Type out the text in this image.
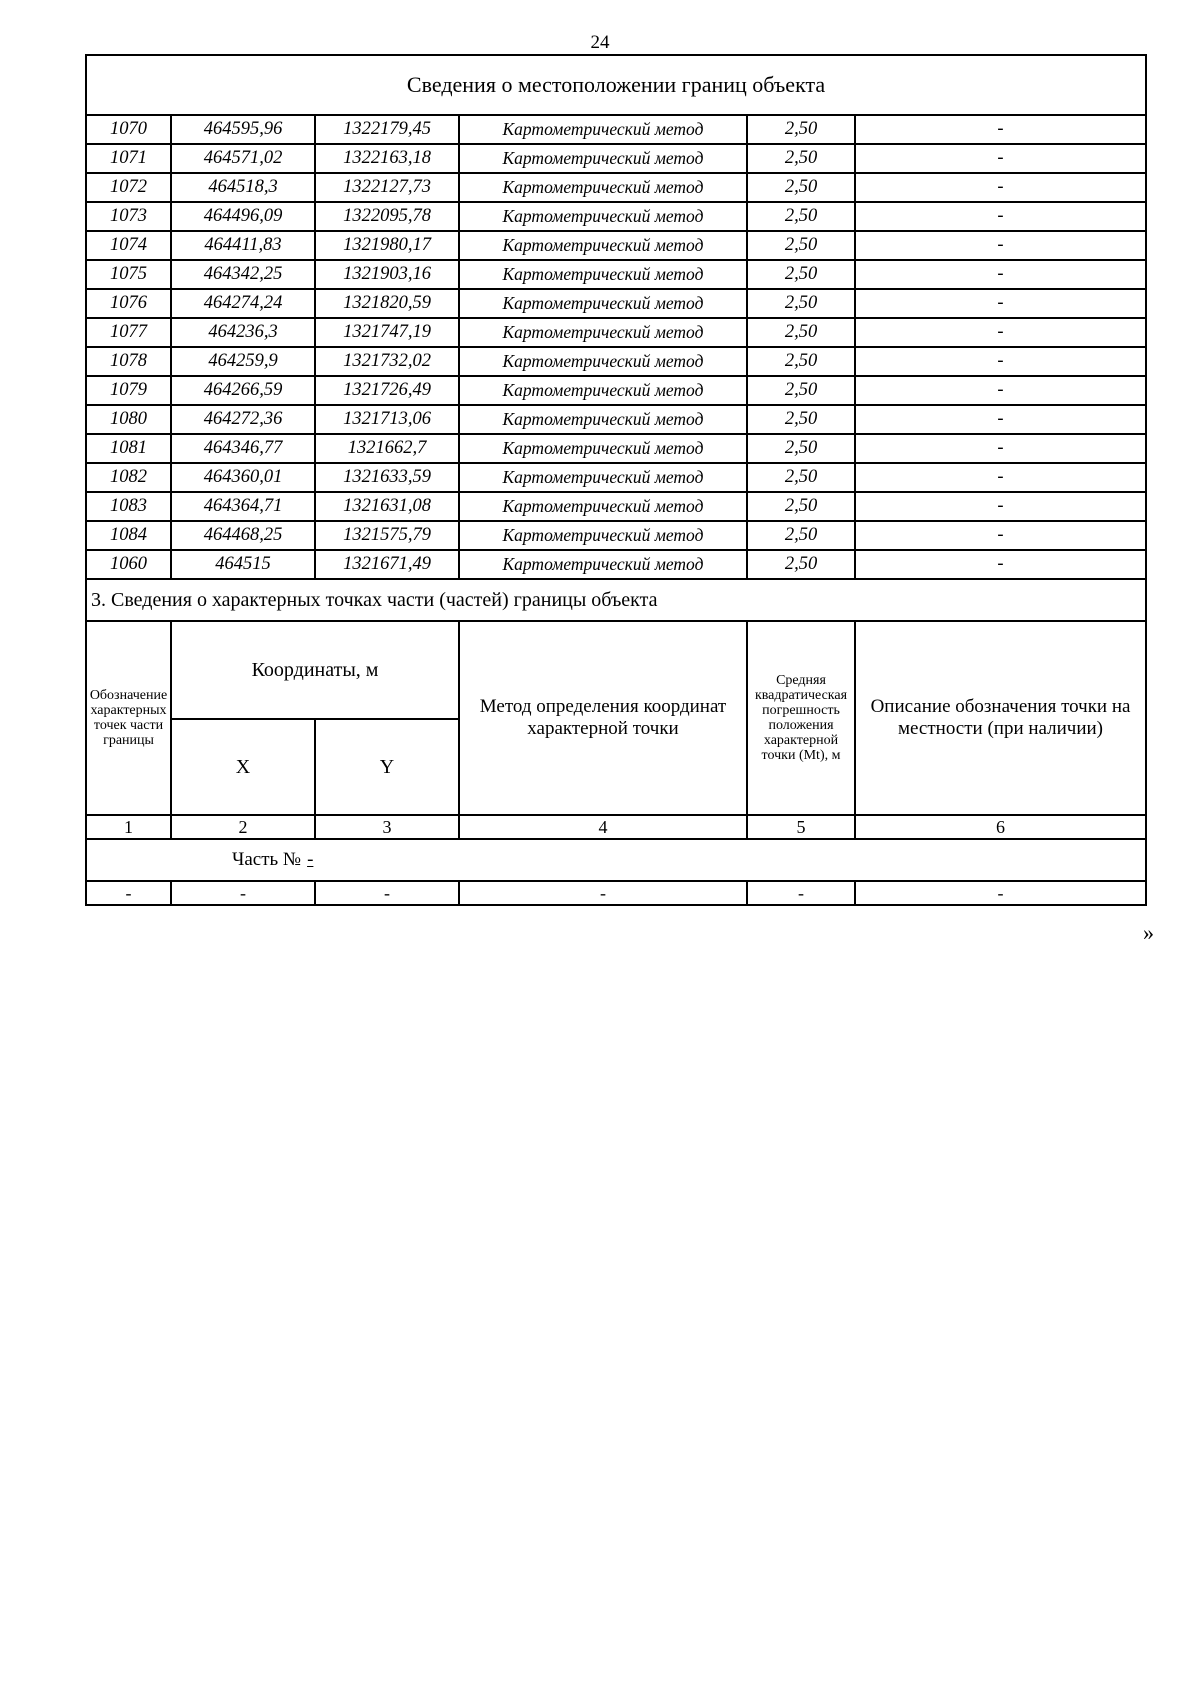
24
Сведения о местоположении границ объекта					
1070	464595,96	1322179,45	Картометрический метод	2,50	-
1071	464571,02	1322163,18	Картометрический метод	2,50	-
1072	464518,3	1322127,73	Картометрический метод	2,50	-
1073	464496,09	1322095,78	Картометрический метод	2,50	-
1074	464411,83	1321980,17	Картометрический метод	2,50	-
1075	464342,25	1321903,16	Картометрический метод	2,50	-
1076	464274,24	1321820,59	Картометрический метод	2,50	-
1077	464236,3	1321747,19	Картометрический метод	2,50	-
1078	464259,9	1321732,02	Картометрический метод	2,50	-
1079	464266,59	1321726,49	Картометрический метод	2,50	-
1080	464272,36	1321713,06	Картометрический метод	2,50	-
1081	464346,77	1321662,7	Картометрический метод	2,50	-
1082	464360,01	1321633,59	Картометрический метод	2,50	-
1083	464364,71	1321631,08	Картометрический метод	2,50	-
1084	464468,25	1321575,79	Картометрический метод	2,50	-
1060	464515	1321671,49	Картометрический метод	2,50	-
3. Сведения о характерных точках части (частей) границы объекта					
Обозначение характерных точек части границы	Координаты, м		Метод определения координат характерной точки	Средняя квадратическая погрешность положения характерной точки (Mt), м	Описание обозначения точки на местности (при наличии)
	X	Y			
1	2	3	4	5	6
Часть № -					
-	-	-	-	-	-
»
